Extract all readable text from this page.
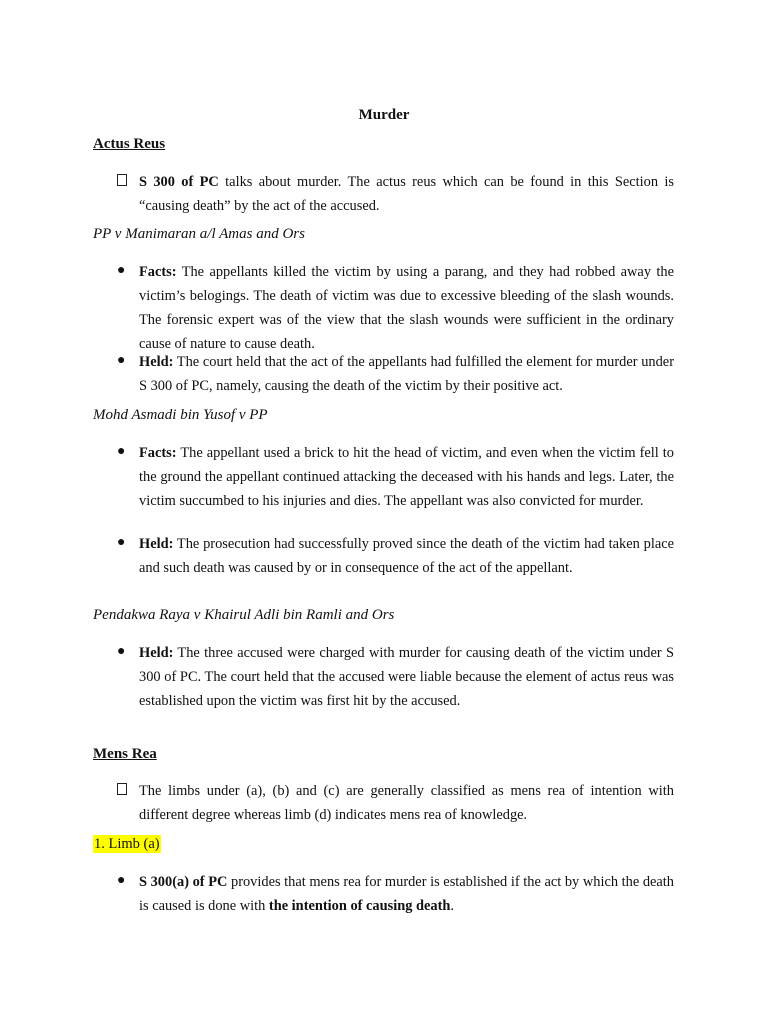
Murder
Actus Reus

S 300 of PC talks about murder. The actus reus which can be found in this Section is “causing death” by the act of the accused.

PP v Manimaran a/l Amas and Ors
● Facts: The appellants killed the victim by using a parang, and they had robbed away the victim’s belogings. The death of victim was due to excessive bleeding of the slash wounds. The forensic expert was of the view that the slash wounds were sufficient in the ordinary cause of nature to cause death.

● Held: The court held that the act of the appellants had fulfilled the element for murder under S 300 of PC, namely, causing the death of the victim by their positive act.

Mohd Asmadi bin Yusof v PP
● Facts: The appellant used a brick to hit the head of victim, and even when the victim fell to the ground the appellant continued attacking the deceased with his hands and legs. Later, the victim succumbed to his injuries and dies. The appellant was also convicted for murder.

● Held: The prosecution had successfully proved since the death of the victim had taken place and such death was caused by or in consequence of the act of the appellant.

Pendakwa Raya v Khairul Adli bin Ramli and Ors
● Held: The three accused were charged with murder for causing death of the victim under S 300 of PC. The court held that the accused were liable because the element of actus reus was established upon the victim was first hit by the accused.

Mens Rea

The limbs under (a), (b) and (c) are generally classified as mens rea of intention with different degree whereas limb (d) indicates mens rea of knowledge.

1. Limb (a)
● S 300(a) of PC provides that mens rea for murder is established if the act by which the death is caused is done with the intention of causing death.
